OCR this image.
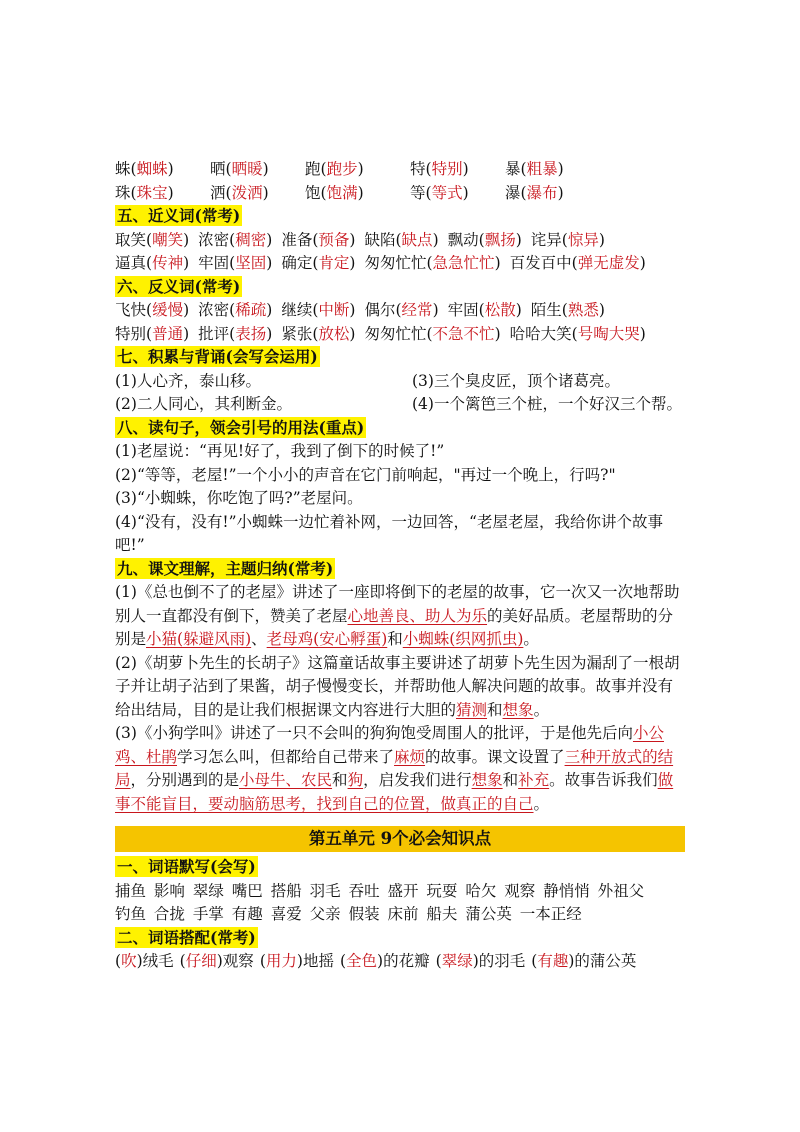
蛛(蜘蛛) 晒(晒暖) 跑(跑步)	特(特别) 暴(粗暴)
珠(珠宝) 洒(泼洒) 饱(饱满)	等(等式) 瀑(瀑布)
五、近义词(常考)
取笑(嘲笑) 浓密(稠密) 准备(预备) 缺陷(缺点) 飘动(飘扬) 诧异(惊异)
逼真(传神) 牢固(坚固) 确定(肯定) 匆匆忙忙(急急忙忙) 百发百中(弹无虚发)
六、反义词(常考)
飞快(缓慢) 浓密(稀疏) 继续(中断) 偶尔(经常) 牢固(松散) 陌生(熟悉)
特别(普通) 批评(表扬) 紧张(放松) 匆匆忙忙(不急不忙) 哈哈大笑(号啕大哭)
七、积累与背诵(会写会运用)
(1)人心齐，泰山移。	(3)三个臭皮匠，顶个诸葛亮。
(2)二人同心，其利断金。	(4)一个篱笆三个桩，一个好汉三个帮。
八、读句子，领会引号的用法(重点)
(1)老屋说：“再见!好了，我到了倒下的时候了!”
(2)“等等，老屋!”一个小小的声音在它门前响起，"再过一个晚上，行吗?"
(3)“小蜘蛛，你吃饱了吗?”老屋问。
(4)“没有，没有!”小蜘蛛一边忙着补网，一边回答，“老屋老屋，我给你讲个故事吧!”
九、课文理解，主题归纳(常考)
(1)《总也倒不了的老屋》讲述了一座即将倒下的老屋的故事，它一次又一次地帮助别人一直都没有倒下，赞美了老屋心地善良、助人为乐的美好品质。老屋帮助的分别是小猫(躲避风雨)、老母鸡(安心孵蛋)和小蜘蛛(织网抓虫)。
(2)《胡萝卜先生的长胡子》这篇童话故事主要讲述了胡萝卜先生因为漏刮了一根胡子并让胡子沾到了果酱，胡子慢慢变长，并帮助他人解决问题的故事。故事并没有给出结局，目的是让我们根据课文内容进行大胆的猜测和想象。
(3)《小狗学叫》讲述了一只不会叫的狗狗饱受周围人的批评，于是他先后向小公鸡、杜鹃学习怎么叫，但都给自己带来了麻烦的故事。课文设置了三种开放式的结局，分别遇到的是小母牛、农民和狗，启发我们进行想象和补充。故事告诉我们做事不能盲目，要动脑筋思考，找到自己的位置，做真正的自己。
第五单元 9个必会知识点
一、词语默写(会写)
捕鱼 影响 翠绿 嘴巴 搭船 羽毛 吞吐 盛开 玩耍 哈欠 观察 静悄悄 外祖父
钓鱼 合拢 手掌 有趣 喜爱 父亲 假装 床前 船夫 蒲公英 一本正经
二、词语搭配(常考)
(吹)绒毛 (仔细)观察 (用力)地摇 (全色)的花瓣 (翠绿)的羽毛 (有趣)的蒲公英
